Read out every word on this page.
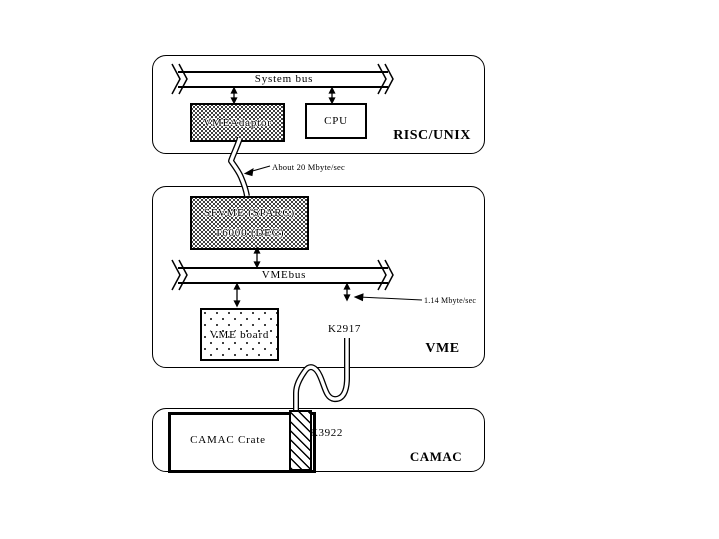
VMEAdaptor	CPU
SFVME (SPARC)
T6000 (DEC)
VME board
CAMAC Crate
System bus
VMEbus
RISC/UNIX
VME
CAMAC
K2917
K3922
About 20 Mbyte/sec
1.14 Mbyte/sec
